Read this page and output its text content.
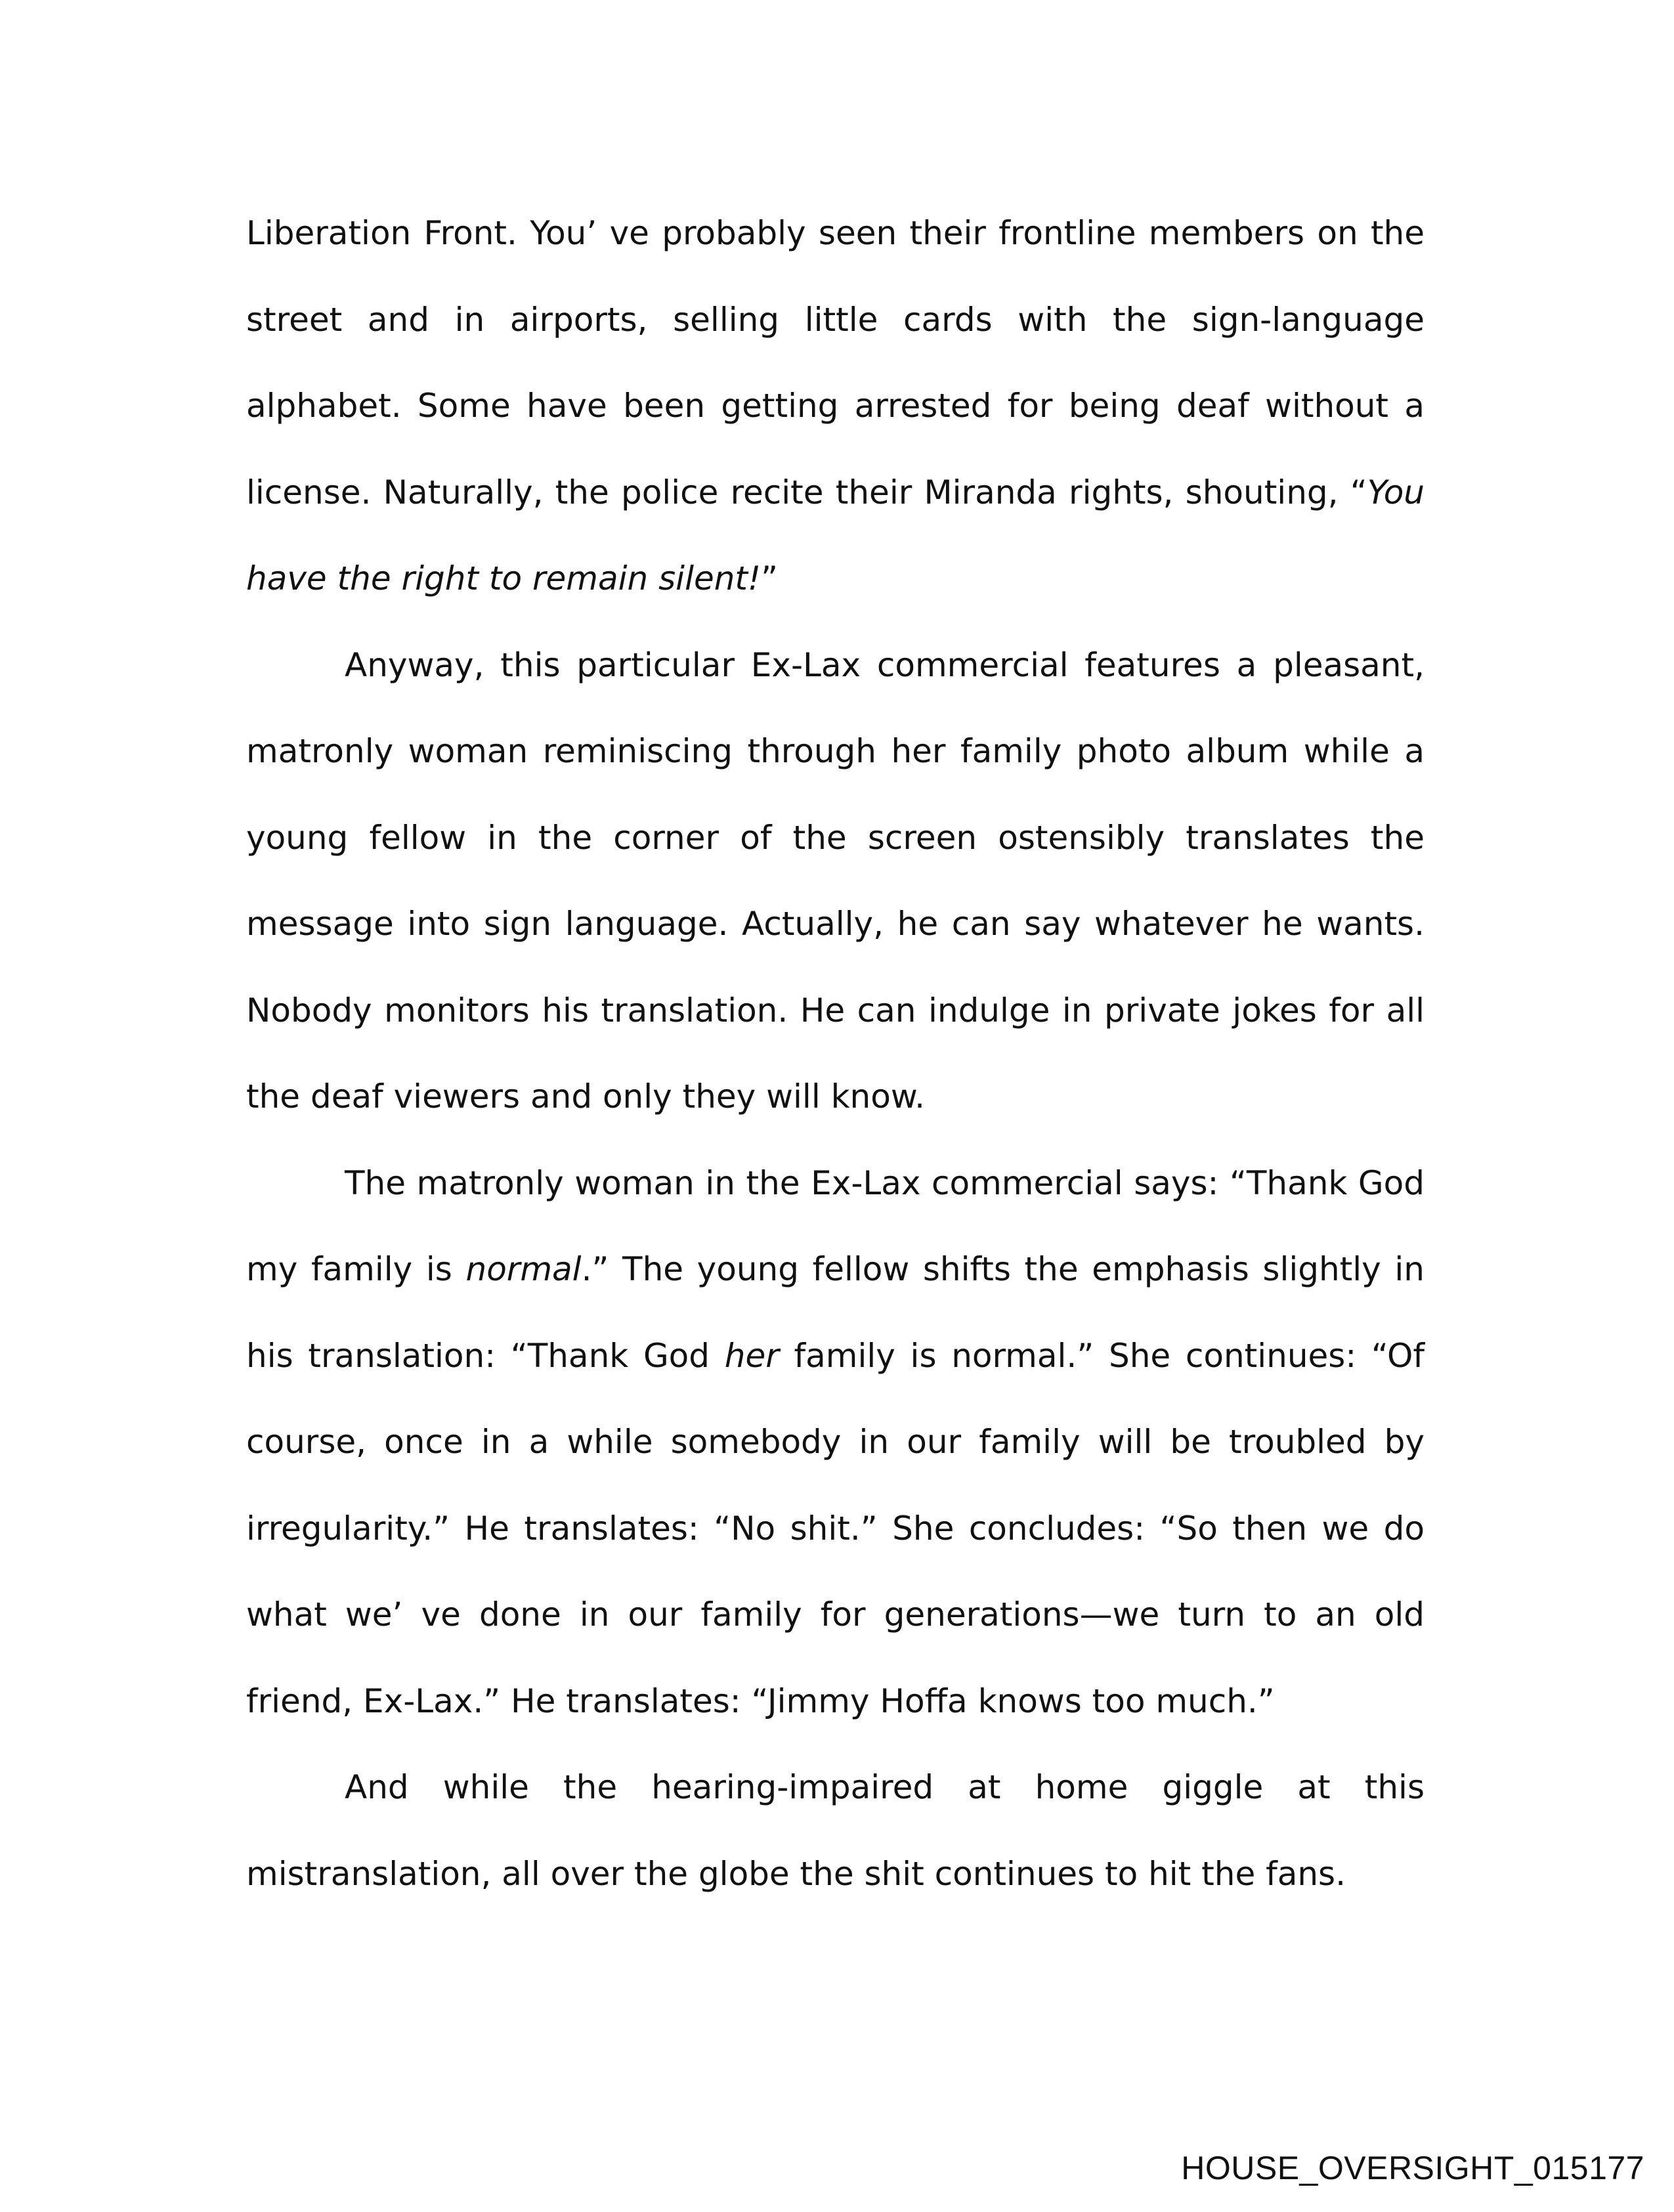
Liberation Front. You’ ve probably seen their frontline members on the street and in airports, selling little cards with the sign-language alphabet. Some have been getting arrested for being deaf without a license. Naturally, the police recite their Miranda rights, shouting, “You have the right to remain silent!”

Anyway, this particular Ex-Lax commercial features a pleasant, matronly woman reminiscing through her family photo album while a young fellow in the corner of the screen ostensibly translates the message into sign language. Actually, he can say whatever he wants. Nobody monitors his translation. He can indulge in private jokes for all the deaf viewers and only they will know.

The matronly woman in the Ex-Lax commercial says: “Thank God my family is normal.” The young fellow shifts the emphasis slightly in his translation: “Thank God her family is normal.” She continues: “Of course, once in a while somebody in our family will be troubled by irregularity.” He translates: “No shit.” She concludes: “So then we do what we’ ve done in our family for generations—we turn to an old friend, Ex-Lax.” He translates: “Jimmy Hoffa knows too much.”

And while the hearing-impaired at home giggle at this mistranslation, all over the globe the shit continues to hit the fans.

HOUSE_OVERSIGHT_015177
